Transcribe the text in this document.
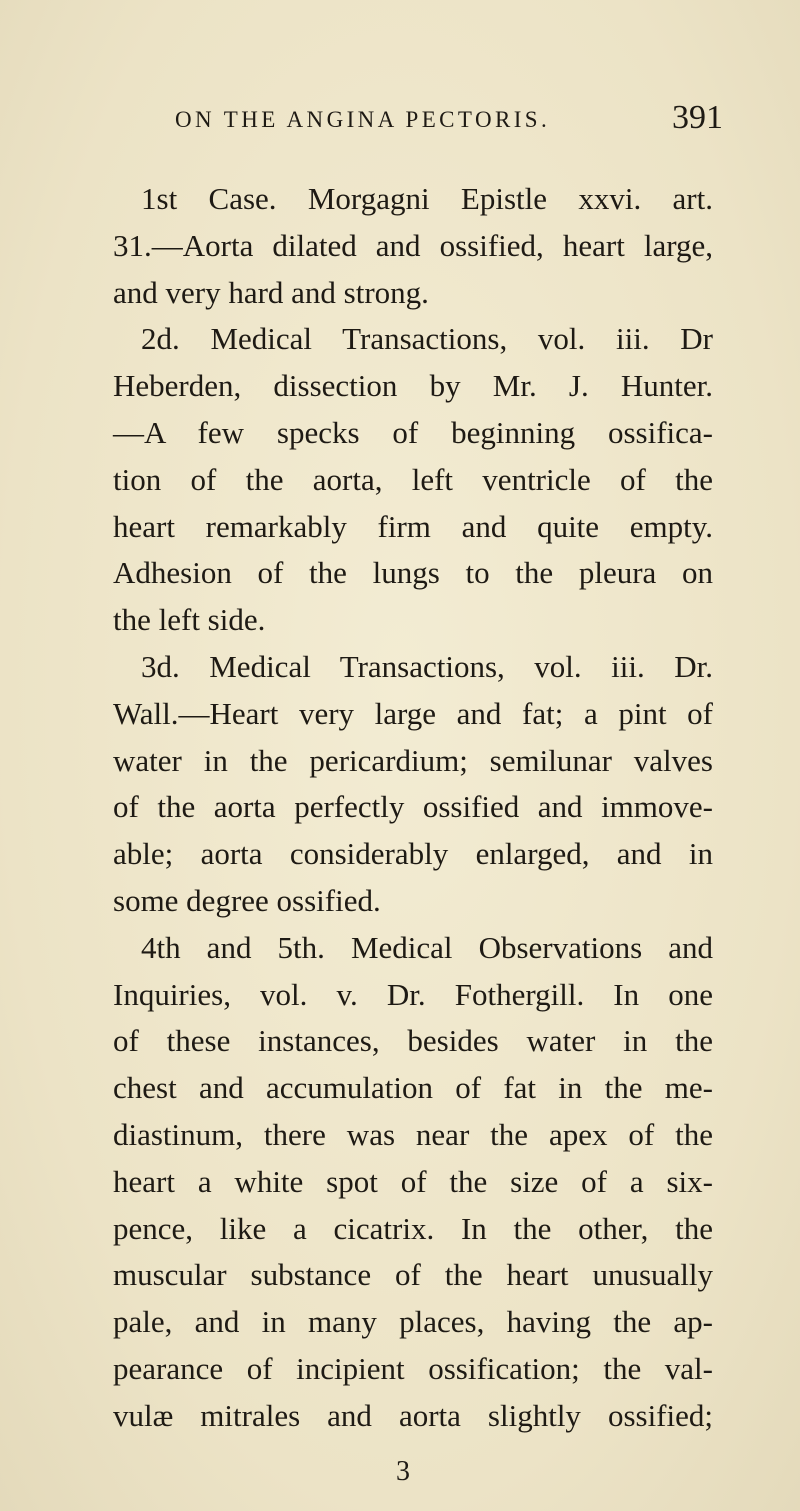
ON THE ANGINA PECTORIS.	391
1st Case. Morgagni Epistle xxvi. art.
31.—Aorta dilated and ossified, heart large,
and very hard and strong.
2d. Medical Transactions, vol. iii. Dr
Heberden, dissection by Mr. J. Hunter.
—A few specks of beginning ossifica-
tion of the aorta, left ventricle of the
heart remarkably firm and quite empty.
Adhesion of the lungs to the pleura on
the left side.
3d. Medical Transactions, vol. iii. Dr.
Wall.—Heart very large and fat; a pint of
water in the pericardium; semilunar valves
of the aorta perfectly ossified and immove-
able; aorta considerably enlarged, and in
some degree ossified.
4th and 5th. Medical Observations and
Inquiries, vol. v. Dr. Fothergill. In one
of these instances, besides water in the
chest and accumulation of fat in the me-
diastinum, there was near the apex of the
heart a white spot of the size of a six-
pence, like a cicatrix. In the other, the
muscular substance of the heart unusually
pale, and in many places, having the ap-
pearance of incipient ossification; the val-
vulæ mitrales and aorta slightly ossified;
3
